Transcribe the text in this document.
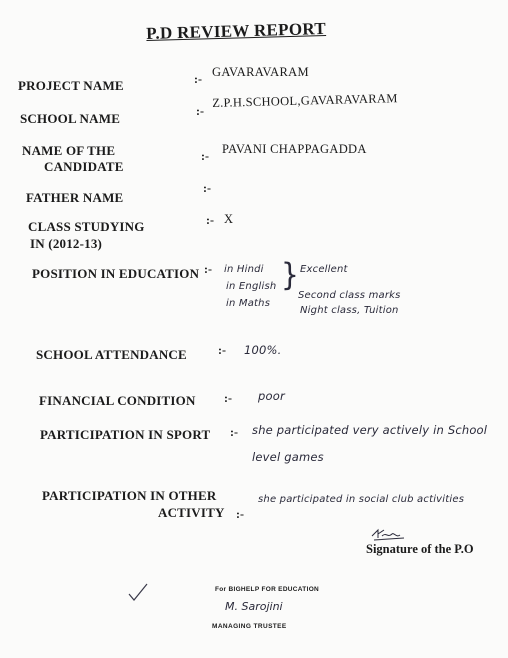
P.D REVIEW REPORT
PROJECT NAME	:- GAVARAVARAM
SCHOOL NAME	:-
Z.P.H.SCHOOL,GAVARAVARAM
NAME OF THE
CANDIDATE
:- PAVANI CHAPPAGADDA
FATHER NAME
:-
CLASS STUDYING
IN (2012-13)
:- X
POSITION IN EDUCATION :- in Hindi
in English
in Maths
} Excellent
Second class marks
Night class, Tuition
SCHOOL ATTENDANCE	:- 100%.
FINANCIAL CONDITION :- poor
PARTICIPATION IN SPORT :- she participated very actively in School
level games
PARTICIPATION IN OTHER
ACTIVITY :-
she participated in social club activities
Signature of the P.O
For BIGHELP FOR EDUCATION
M. Sarojini
MANAGING TRUSTEE
